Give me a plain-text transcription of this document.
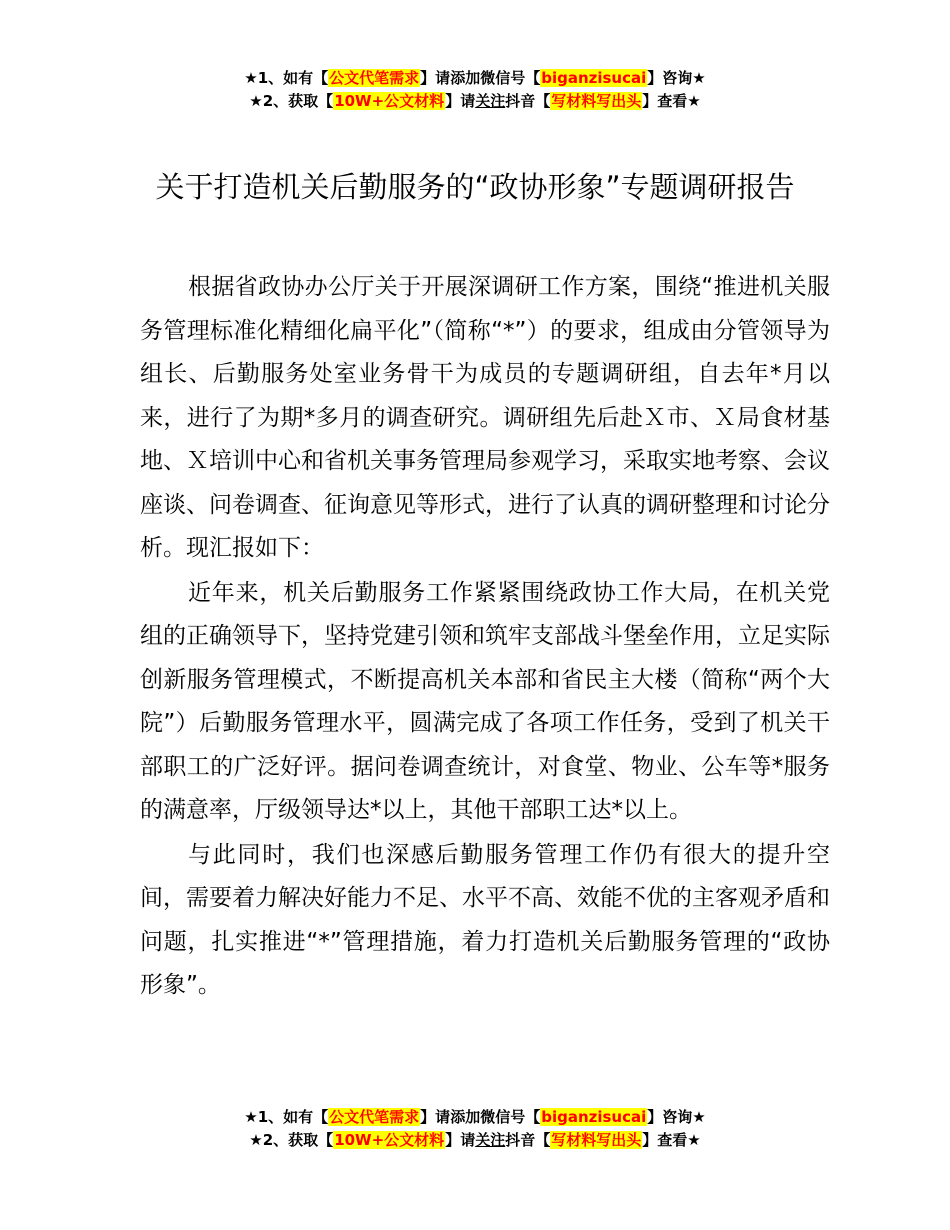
★1、如有【公文代笔需求】请添加微信号【biganzisucai】咨询★
★2、获取【10W+公文材料】请关注抖音【写材料写出头】查看★
关于打造机关后勤服务的“政协形象”专题调研报告

根据省政协办公厅关于开展深调研工作方案，围绕“推进机关服务管理标准化精细化扁平化”（简称“*”）的要求，组成由分管领导为组长、后勤服务处室业务骨干为成员的专题调研组，自去年*月以来，进行了为期*多月的调查研究。调研组先后赴Ｘ市、Ｘ局食材基地、Ｘ培训中心和省机关事务管理局参观学习，采取实地考察、会议座谈、问卷调查、征询意见等形式，进行了认真的调研整理和讨论分析。现汇报如下：

近年来，机关后勤服务工作紧紧围绕政协工作大局，在机关党组的正确领导下，坚持党建引领和筑牢支部战斗堡垒作用，立足实际创新服务管理模式，不断提高机关本部和省民主大楼（简称“两个大院”）后勤服务管理水平，圆满完成了各项工作任务，受到了机关干部职工的广泛好评。据问卷调查统计，对食堂、物业、公车等*服务的满意率，厅级领导达*以上，其他干部职工达*以上。

与此同时，我们也深感后勤服务管理工作仍有很大的提升空间，需要着力解决好能力不足、水平不高、效能不优的主客观矛盾和问题，扎实推进“*”管理措施，着力打造机关后勤服务管理的“政协形象”。

★1、如有【公文代笔需求】请添加微信号【biganzisucai】咨询★
★2、获取【10W+公文材料】请关注抖音【写材料写出头】查看★
